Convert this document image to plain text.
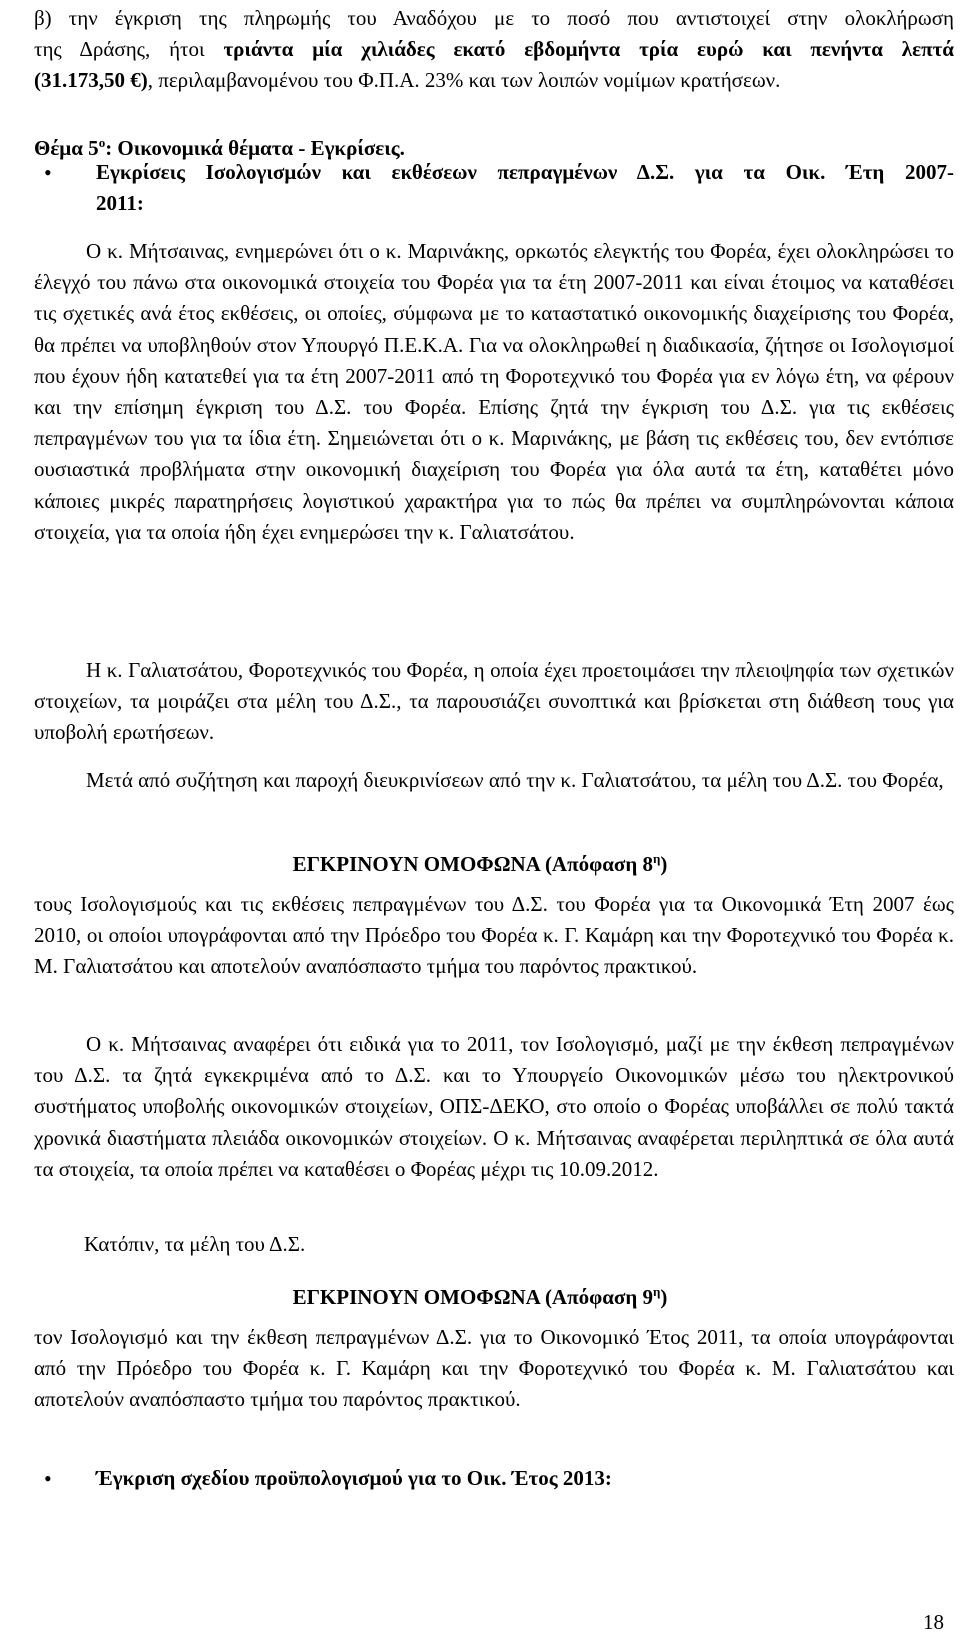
β) την έγκριση της πληρωμής του Αναδόχου με το ποσό που αντιστοιχεί στην ολοκλήρωση
της Δράσης, ήτοι τριάντα μία χιλιάδες εκατό εβδομήντα τρία ευρώ και πενήντα λεπτά
(31.173,50 €), περιλαμβανομένου του Φ.Π.Α. 23% και των λοιπών νομίμων κρατήσεων.
Θέμα $5^o$: Οικονομικά θέματα - Εγκρίσεις.
• Εγκρίσεις Ισολογισμών και εκθέσεων πεπραγμένων Δ.Σ. για τα Οικ. Έτη 2007-
2011:

Ο κ. Μήτσαινας, ενημερώνει ότι ο κ. Μαρινάκης, ορκωτός ελεγκτής του Φορέα, έχει ολοκληρώσει το έλεγχό του πάνω στα οικονομικά στοιχεία του Φορέα για τα έτη 2007-2011 και είναι έτοιμος να καταθέσει τις σχετικές ανά έτος εκθέσεις, οι οποίες, σύμφωνα με το καταστατικό οικονομικής διαχείρισης του Φορέα, θα πρέπει να υποβληθούν στον Υπουργό Π.Ε.Κ.Α. Για να ολοκληρωθεί η διαδικασία, ζήτησε οι Ισολογισμοί που έχουν ήδη κατατεθεί για τα έτη 2007-2011 από τη Φοροτεχνικό του Φορέα για εν λόγω έτη, να φέρουν και την επίσημη έγκριση του Δ.Σ. του Φορέα. Επίσης ζητά την έγκριση του Δ.Σ. για τις εκθέσεις πεπραγμένων του για τα ίδια έτη. Σημειώνεται ότι ο κ. Μαρινάκης, με βάση τις εκθέσεις του, δεν εντόπισε ουσιαστικά προβλήματα στην οικονομική διαχείριση του Φορέα για όλα αυτά τα έτη, καταθέτει μόνο κάποιες μικρές παρατηρήσεις λογιστικού χαρακτήρα για το πώς θα πρέπει να συμπληρώνονται κάποια στοιχεία, για τα οποία ήδη έχει ενημερώσει την κ. Γαλιατσάτου.

Η κ. Γαλιατσάτου, Φοροτεχνικός του Φορέα, η οποία έχει προετοιμάσει την πλειοψηφία των σχετικών στοιχείων, τα μοιράζει στα μέλη του Δ.Σ., τα παρουσιάζει συνοπτικά και βρίσκεται στη διάθεση τους για υποβολή ερωτήσεων.

Μετά από συζήτηση και παροχή διευκρινίσεων από την κ. Γαλιατσάτου, τα μέλη του Δ.Σ. του Φορέα,

ΕΓΚΡΙΝΟΥΝ ΟΜΟΦΩΝΑ (Απόφαση $8^\eta$)

τους Ισολογισμούς και τις εκθέσεις πεπραγμένων του Δ.Σ. του Φορέα για τα Οικονομικά Έτη 2007 έως 2010, οι οποίοι υπογράφονται από την Πρόεδρο του Φορέα κ. Γ. Καμάρη και την Φοροτεχνικό του Φορέα κ. Μ. Γαλιατσάτου και αποτελούν αναπόσπαστο τμήμα του παρόντος πρακτικού.

Ο κ. Μήτσαινας αναφέρει ότι ειδικά για το 2011, τον Ισολογισμό, μαζί με την έκθεση πεπραγμένων του Δ.Σ. τα ζητά εγκεκριμένα από το Δ.Σ. και το Υπουργείο Οικονομικών μέσω του ηλεκτρονικού συστήματος υποβολής οικονομικών στοιχείων, ΟΠΣ-ΔΕΚΟ, στο οποίο ο Φορέας υποβάλλει σε πολύ τακτά χρονικά διαστήματα πλειάδα οικονομικών στοιχείων. Ο κ. Μήτσαινας αναφέρεται περιληπτικά σε όλα αυτά τα στοιχεία, τα οποία πρέπει να καταθέσει ο Φορέας μέχρι τις 10.09.2012.

Κατόπιν, τα μέλη του Δ.Σ.

ΕΓΚΡΙΝΟΥΝ ΟΜΟΦΩΝΑ (Απόφαση $9^\eta$)

τον Ισολογισμό και την έκθεση πεπραγμένων Δ.Σ. για το Οικονομικό Έτος 2011, τα οποία υπογράφονται από την Πρόεδρο του Φορέα κ. Γ. Καμάρη και την Φοροτεχνικό του Φορέα κ. Μ. Γαλιατσάτου και αποτελούν αναπόσπαστο τμήμα του παρόντος πρακτικού.

• Έγκριση σχεδίου προϋπολογισμού για το Οικ. Έτος 2013:
18
